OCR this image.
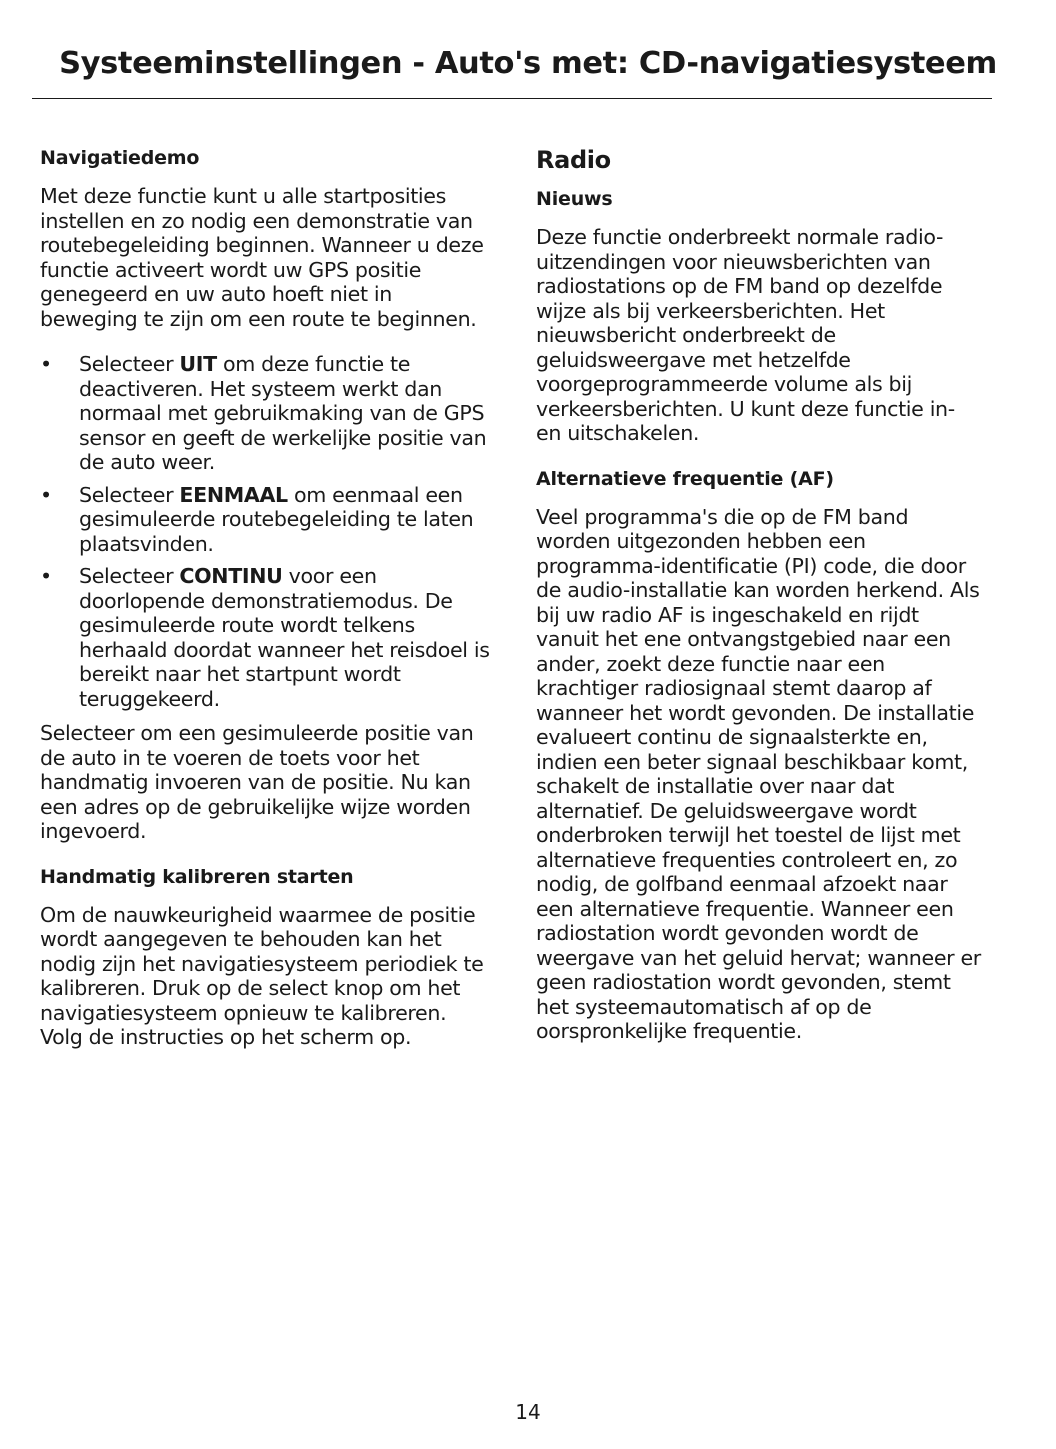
Systeeminstellingen - Auto's met: CD-navigatiesysteem
Navigatiedemo

Met deze functie kunt u alle startposities instellen en zo nodig een demonstratie van routebegeleiding beginnen. Wanneer u deze functie activeert wordt uw GPS positie genegeerd en uw auto hoeft niet in beweging te zijn om een route te beginnen.

• Selecteer UIT om deze functie te deactiveren. Het systeem werkt dan normaal met gebruikmaking van de GPS sensor en geeft de werkelijke positie van de auto weer.
• Selecteer EENMAAL om eenmaal een gesimuleerde routebegeleiding te laten plaatsvinden.
• Selecteer CONTINU voor een doorlopende demonstratiemodus. De gesimuleerde route wordt telkens herhaald doordat wanneer het reisdoel is bereikt naar het startpunt wordt teruggekeerd.

Selecteer om een gesimuleerde positie van de auto in te voeren de toets voor het handmatig invoeren van de positie. Nu kan een adres op de gebruikelijke wijze worden ingevoerd.

Handmatig kalibreren starten

Om de nauwkeurigheid waarmee de positie wordt aangegeven te behouden kan het nodig zijn het navigatiesysteem periodiek te kalibreren. Druk op de select knop om het navigatiesysteem opnieuw te kalibreren. Volg de instructies op het scherm op.

Radio
Nieuws

Deze functie onderbreekt normale radio-uitzendingen voor nieuwsberichten van radiostations op de FM band op dezelfde wijze als bij verkeersberichten. Het nieuwsbericht onderbreekt de geluidsweergave met hetzelfde voorgeprogrammeerde volume als bij verkeersberichten. U kunt deze functie in- en uitschakelen.

Alternatieve frequentie (AF)

Veel programma's die op de FM band worden uitgezonden hebben een programma-identificatie (PI) code, die door de audio-installatie kan worden herkend. Als bij uw radio AF is ingeschakeld en rijdt vanuit het ene ontvangstgebied naar een ander, zoekt deze functie naar een krachtiger radiosignaal stemt daarop af wanneer het wordt gevonden. De installatie evalueert continu de signaalsterkte en, indien een beter signaal beschikbaar komt, schakelt de installatie over naar dat alternatief. De geluidsweergave wordt onderbroken terwijl het toestel de lijst met alternatieve frequenties controleert en, zo nodig, de golfband eenmaal afzoekt naar een alternatieve frequentie. Wanneer een radiostation wordt gevonden wordt de weergave van het geluid hervat; wanneer er geen radiostation wordt gevonden, stemt het systeemautomatisch af op de oorspronkelijke frequentie.

14
